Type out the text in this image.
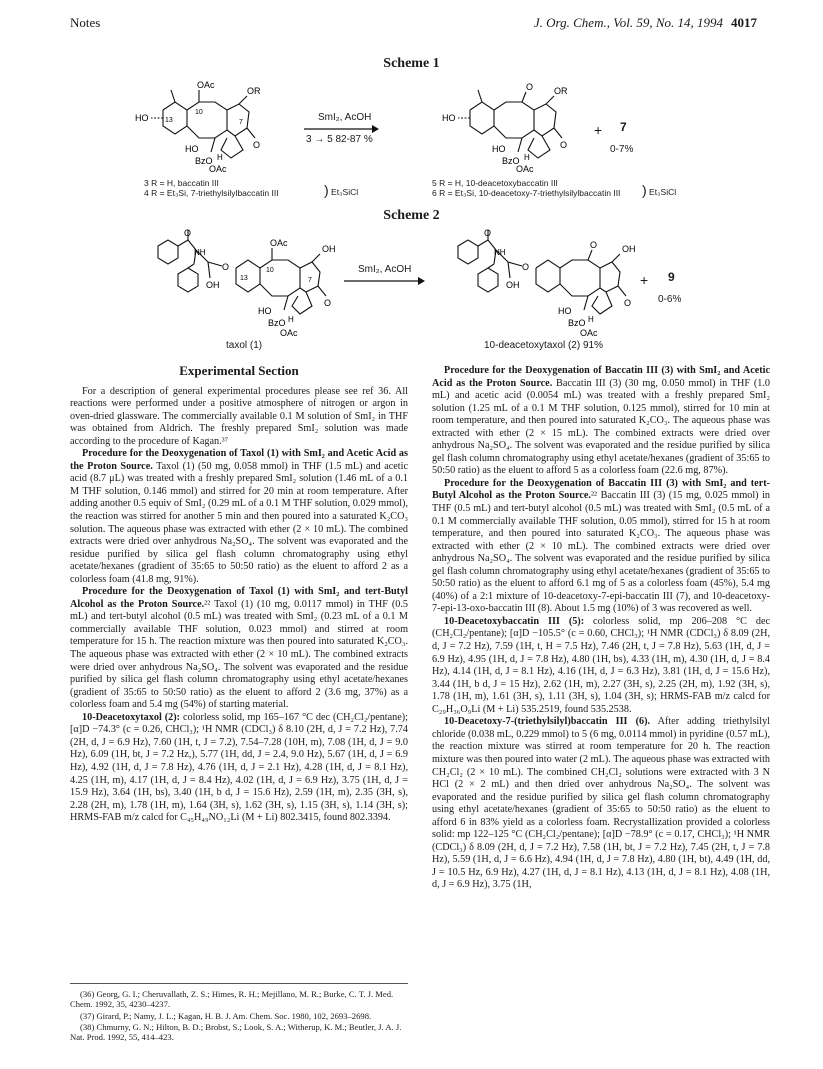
Notes	J. Org. Chem., Vol. 59, No. 14, 1994 4017
Scheme 1
OAc
HO 13
10
OR
7
HO
BzO H
OAc
O
SmI₂, AcOH
3 → 5 82-87 %
O
HO
OR
HO
BzO H
OAc
O
+ 7
0-7%
3 R = H, baccatin III
4 R = Et₃Si, 7-triethylsilylbaccatin III	) Et₃SiCl
5 R = H, 10-deacetoxybaccatin III
6 R = Et₃Si, 10-deacetoxy-7-triethylsilylbaccatin III ) Et₃SiCl
Scheme 2
O
NH
OH
O
OAc
13
10
OH
7
HO
BzO H
OAc
O
SmI₂, AcOH
O
NH
OH
O
O	OH
HO
BzO H
OAc
O
+ 9
0-6%
taxol (1)	10-deacetoxytaxol (2) 91%
Experimental Section

For a description of general experimental procedures please see ref 36. All reactions were performed under a positive atmosphere of nitrogen or argon in oven-dried glassware. The commercially available 0.1 M solution of SmI₂ in THF was obtained from Aldrich. The freshly prepared SmI₂ solution was made according to the procedure of Kagan.³⁷

Procedure for the Deoxygenation of Taxol (1) with SmI₂ and Acetic Acid as the Proton Source. Taxol (1) (50 mg, 0.058 mmol) in THF (1.5 mL) and acetic acid (8.7 μL) was treated with a freshly prepared SmI₂ solution (1.46 mL of a 0.1 M THF solution, 0.146 mmol) and stirred for 20 min at room temperature. After adding another 0.5 equiv of SmI₂ (0.29 mL of a 0.1 M THF solution, 0.029 mmol), the reaction was stirred for another 5 min and then poured into a saturated K₂CO₃ solution. The aqueous phase was extracted with ether (2 × 10 mL). The combined extracts were dried over anhydrous Na₂SO₄. The solvent was evaporated and the residue purified by silica gel flash column chromatography using ethyl acetate/hexanes (gradient of 35:65 to 50:50 ratio) as the eluent to afford 2 as a colorless foam (41.8 mg, 91%).

Procedure for the Deoxygenation of Taxol (1) with SmI₂ and tert-Butyl Alcohol as the Proton Source.²² Taxol (1) (10 mg, 0.0117 mmol) in THF (0.5 mL) and tert-butyl alcohol (0.5 mL) was treated with SmI₂ (0.23 mL of a 0.1 M commercially available THF solution, 0.023 mmol) and stirred at room temperature for 15 h. The reaction mixture was then poured into saturated K₂CO₃. The aqueous phase was extracted with ether (2 × 10 mL). The combined extracts were dried over anhydrous Na₂SO₄. The solvent was evaporated and the residue purified by silica gel flash column chromatography using ethyl acetate/hexanes (gradient of 35:65 to 50:50 ratio) as the eluent to afford 2 (3.6 mg, 37%) as a colorless foam and 5.4 mg (54%) of starting material.

10-Deacetoxytaxol (2): colorless solid, mp 165–167 °C dec (CH₂Cl₂/pentane); [α]D −74.3° (c = 0.26, CHCl₃); ¹H NMR (CDCl₃) δ 8.10 (2H, d, J = 7.2 Hz), 7.74 (2H, d, J = 6.9 Hz), 7.60 (1H, t, J = 7.2), 7.54–7.28 (10H, m), 7.08 (1H, d, J = 9.0 Hz), 6.09 (1H, bt, J = 7.2 Hz,), 5.77 (1H, dd, J = 2.4, 9.0 Hz), 5.67 (1H, d, J = 6.9 Hz), 4.92 (1H, d, J = 7.8 Hz), 4.76 (1H, d, J = 2.1 Hz), 4.28 (1H, d, J = 8.1 Hz), 4.25 (1H, m), 4.17 (1H, d, J = 8.4 Hz), 4.02 (1H, d, J = 6.9 Hz), 3.75 (1H, d, J = 15.9 Hz), 3.64 (1H, bs), 3.40 (1H, b d, J = 15.6 Hz), 2.59 (1H, m), 2.35 (3H, s), 2.28 (2H, m), 1.78 (1H, m), 1.64 (3H, s), 1.62 (3H, s), 1.15 (3H, s), 1.14 (3H, s); HRMS-FAB m/z calcd for C₄₅H₄₉NO₁₂Li (M + Li) 802.3415, found 802.3394.

(36) Georg, G. I.; Cheruvallath, Z. S.; Himes, R. H.; Mejillano, M. R.; Burke, C. T. J. Med. Chem. 1992, 35, 4230–4237.

(37) Girard, P.; Namy, J. L.; Kagan, H. B. J. Am. Chem. Soc. 1980, 102, 2693–2698.

(38) Chmurny, G. N.; Hilton, B. D.; Brobst, S.; Look, S. A.; Witherup, K. M.; Beutler, J. A. J. Nat. Prod. 1992, 55, 414–423.

Procedure for the Deoxygenation of Baccatin III (3) with SmI₂ and Acetic Acid as the Proton Source. Baccatin III (3) (30 mg, 0.050 mmol) in THF (1.0 mL) and acetic acid (0.0054 mL) was treated with a freshly prepared SmI₂ solution (1.25 mL of a 0.1 M THF solution, 0.125 mmol), stirred for 10 min at room temperature, and then poured into saturated K₂CO₃. The aqueous phase was extracted with ether (2 × 15 mL). The combined extracts were dried over anhydrous Na₂SO₄. The solvent was evaporated and the residue purified by silica gel flash column chromatography using ethyl acetate/hexanes (gradient of 35:65 to 50:50 ratio) as the eluent to afford 5 as a colorless foam (22.6 mg, 87%).

Procedure for the Deoxygenation of Baccatin III (3) with SmI₂ and tert-Butyl Alcohol as the Proton Source.²² Baccatin III (3) (15 mg, 0.025 mmol) in THF (0.5 mL) and tert-butyl alcohol (0.5 mL) was treated with SmI₂ (0.5 mL of a 0.1 M commercially available THF solution, 0.05 mmol), stirred for 15 h at room temperature, and then poured into saturated K₂CO₃. The aqueous phase was extracted with ether (2 × 10 mL). The combined extracts were dried over anhydrous Na₂SO₄. The solvent was evaporated and the residue purified by silica gel flash column chromatography using ethyl acetate/hexanes (gradient of 35:65 to 50:50 ratio) as the eluent to afford 6.1 mg of 5 as a colorless foam (45%), 5.4 mg (40%) of a 2:1 mixture of 10-deacetoxy-7-epi-baccatin III (7), and 10-deacetoxy-7-epi-13-oxo-baccatin III (8). About 1.5 mg (10%) of 3 was recovered as well.

10-Deacetoxybaccatin III (5): colorless solid, mp 206–208 °C dec (CH₂Cl₂/pentane); [α]D −105.5° (c = 0.60, CHCl₃); ¹H NMR (CDCl₃) δ 8.09 (2H, d, J = 7.2 Hz), 7.59 (1H, t, H = 7.5 Hz), 7.46 (2H, t, J = 7.8 Hz), 5.63 (1H, d, J = 6.9 Hz), 4.95 (1H, d, J = 7.8 Hz), 4.80 (1H, bs), 4.33 (1H, m), 4.30 (1H, d, J = 8.4 Hz), 4.14 (1H, d, J = 8.1 Hz), 4.16 (1H, d, J = 6.3 Hz), 3.81 (1H, d, J = 15.6 Hz), 3.44 (1H, b d, J = 15 Hz), 2.62 (1H, m), 2.27 (3H, s), 2.25 (2H, m), 1.92 (3H, s), 1.78 (1H, m), 1.61 (3H, s), 1.11 (3H, s), 1.04 (3H, s); HRMS-FAB m/z calcd for C₂₉H₃₆O₉Li (M + Li) 535.2519, found 535.2538.

10-Deacetoxy-7-(triethylsilyl)baccatin III (6). After adding triethylsilyl chloride (0.038 mL, 0.229 mmol) to 5 (6 mg, 0.0114 mmol) in pyridine (0.57 mL), the reaction mixture was stirred at room temperature for 20 h. The reaction mixture was then poured into water (2 mL). The aqueous phase was extracted with CH₂Cl₂ (2 × 10 mL). The combined CH₂Cl₂ solutions were extracted with 3 N HCl (2 × 2 mL) and then dried over anhydrous Na₂SO₄. The solvent was evaporated and the residue purified by silica gel flash column chromatography using ethyl acetate/hexanes (gradient of 35:65 to 50:50 ratio) as the eluent to afford 6 in 83% yield as a colorless foam. Recrystallization provided a colorless solid: mp 122–125 °C (CH₂Cl₂/pentane); [α]D −78.9° (c = 0.17, CHCl₃); ¹H NMR (CDCl₃) δ 8.09 (2H, d, J = 7.2 Hz), 7.58 (1H, bt, J = 7.2 Hz), 7.45 (2H, t, J = 7.8 Hz), 5.59 (1H, d, J = 6.6 Hz), 4.94 (1H, d, J = 7.8 Hz), 4.80 (1H, bt), 4.49 (1H, dd, J = 10.5 Hz, 6.9 Hz), 4.27 (1H, d, J = 8.1 Hz), 4.13 (1H, d, J = 8.1 Hz), 4.08 (1H, d, J = 6.9 Hz), 3.75 (1H,
